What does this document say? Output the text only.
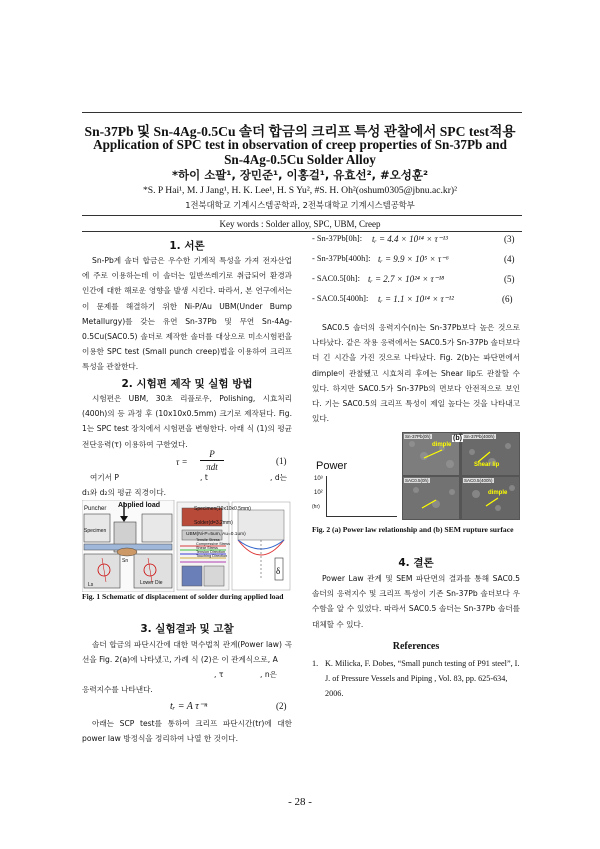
Sn-37Pb 및 Sn-4Ag-0.5Cu 솔더 합금의 크리프 특성 관찰에서 SPC test적용
Application of SPC test in observation of creep properties of Sn-37Pb and
Sn-4Ag-0.5Cu Solder Alloy
*하이 소팔¹, 장민준¹, 이홍걸¹, 유효선², #오성훈²
*S. P Hai¹, M. J Jang¹, H. K. Lee¹, H. S Yu², #S. H. Oh²(oshum0305@jbnu.ac.kr)²
1전북대학교 기계시스템공학과, 2전북대학교 기계시스템공학부
Key words : Solder alloy, SPC, UBM, Creep
1. 서론

Sn-Pb계 솔더 합금은 우수한 기계적 특성을 가져 전자산업에 주로 이용하는데 이 솔더는 일반쓰레기로 취급되어 환경과 인간에 대한 해로운 영향을 발생 시킨다. 따라서, 본 연구에서는 이 문제를 해결하기 위한 Ni-P/Au UBM(Under Bump Metallurgy)를 갖는 유연 Sn-37Pb 및 무연 Sn-4Ag-0.5Cu(SAC0.5) 솔더로 제작한 솔더를 대상으로 미소시험편을 이용한 SPC test (Small punch creep)법을 이용하여 크리프 특성을 관찰한다.

2. 시험편 제작 및 실험 방법

시험편은 UBM, 30초 리플로우, Polishing, 시효처리 (400h)의 등 과정 후 (10x10x0.5mm) 크기로 제작된다. Fig. 1는 SPC test 장치에서 시험편을 변형한다. 아래 식 (1)의 평균 전단응력(τ) 이용하여 구한였다.

τ =
P
πdt
(1)
여기서 P	, t	, d는
d₁와 d₂의 평균 직경이다.
δ
Applied load
Puncher	Specimen(10x10x0.5mm)
Solder(d=3.2mm)
UBM(Ni-P=5um, Au=0.1um)
Specimen
Lower Die
Sn
Ls
Tensile Stress
Compressive Stress
Shear Stress
Tension Direction
Touching Direction
Fig. 1 Schematic of displacement of solder during applied load
3. 실험결과 및 고찰

솔더 합금의 파단시간에 대한 멱수법칙 관계(Power law) 곡선을 Fig. 2(a)에 나타냈고, 가례 식 (2)은 이 관계식으로, A

, τ	, n은
응력지수를 나타낸다.
tᵣ = A τ⁻ⁿ	(2)

아래는 SCP test를 통하여 크리프 파단시간(tr)에 대한 power law 방정식을 정리하여 나열 한 것이다.

- Sn-37Pb[0h]: tᵣ = 4.4 × 10¹⁴ × τ⁻¹³	(3)
- Sn-37Pb[400h]: tᵣ = 9.9 × 10⁵ × τ⁻⁶	(4)
- SAC0.5[0h]: tᵣ = 2.7 × 10²⁴ × τ⁻¹⁸	(5)
- SAC0.5[400h]: tᵣ = 1.1 × 10¹⁴ × τ⁻¹²	(6)

SAC0.5 솔더의 응력지수(n)는 Sn-37Pb보다 높은 것으로 나타났다. 같은 작용 응력에서는 SAC0.5가 Sn-37Pb 솔더보다 더 긴 시간을 가진 것으로 나타났다. Fig. 2(b)는 파단면에서 dimple이 관찰됐고 시효처리 후에는 Shear lip도 관찰할 수 있다. 하지만 SAC0.5가 Sn-37Pb의 면보다 안전적으로 보인다. 기는 SAC0.5의 크리프 특성이 제일 높다는 것을 나타내고 있다.

Power
10³
10²
(hr)
Sn-37Pb(0h)	Sn-37Pb(400h)
SAC0.5(0h)	SAC0.5(400h)
(b)
dimple
Shear lip
dimple
Fig. 2 (a) Power law relationship and (b) SEM rupture surface
4. 결론

Power Law 관계 및 SEM 파단면의 결과를 통해 SAC0.5 솔더의 응력지수 및 크리프 특성이 기존 Sn-37Pb 솔더보다 우수함을 알 수 있었다. 따라서 SAC0.5 솔더는 Sn-37Pb 솔더를 대체할 수 있다.

References
1. K. Milicka, F. Dobes, “Small punch testing of P91 steel”, I. J. of Pressure Vessels and Piping , Vol. 83, pp. 625-634, 2006.
- 28 -
